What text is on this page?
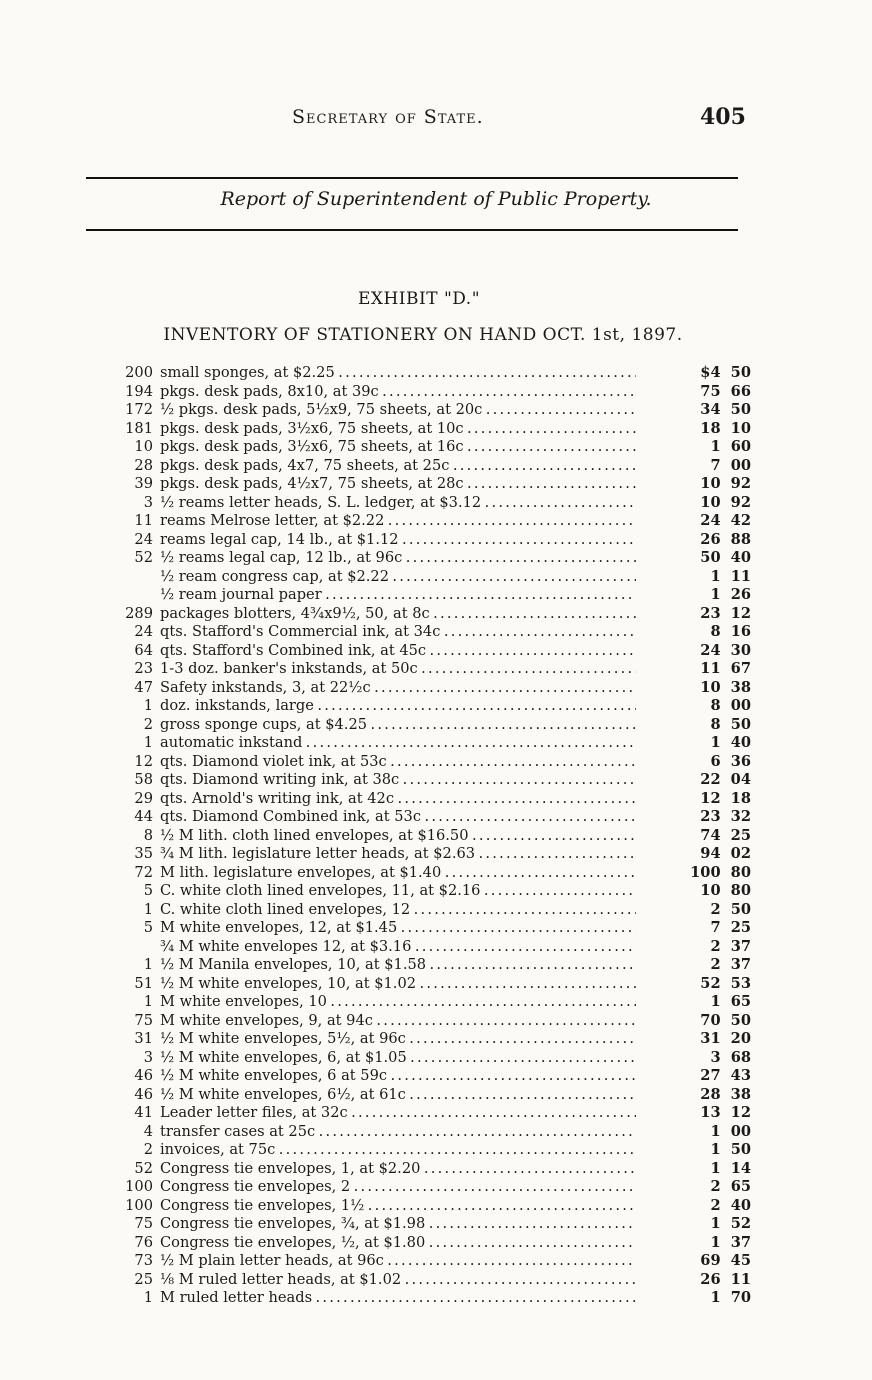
Secretary of State.	405
Report of Superintendent of Public Property.
EXHIBIT "D."
INVENTORY OF STATIONERY ON HAND OCT. 1st, 1897.
200 small sponges, at $2.25 . . .	$4 50
194 pkgs. desk pads, 8x10, at 39c . . .	75 66
172 ½ pkgs. desk pads, 5½x9, 75 sheets, at 20c . . .	34 50
181 pkgs. desk pads, 3½x6, 75 sheets, at 10c . . .	18 10
10 pkgs. desk pads, 3½x6, 75 sheets, at 16c . . .	1 60
28 pkgs. desk pads, 4x7, 75 sheets, at 25c . . .	7 00
39 pkgs. desk pads, 4½x7, 75 sheets, at 28c . . .	10 92
3 ½ reams letter heads, S. L. ledger, at $3.12 . . .	10 92
11 reams Melrose letter, at $2.22 . . .	24 42
24 reams legal cap, 14 lb., at $1.12 . . .	26 88
52 ½ reams legal cap, 12 lb., at 96c . . .	50 40
½ ream congress cap, at $2.22 . . .	1 11
½ ream journal paper . . .	1 26
289 packages blotters, 4¾x9½, 50, at 8c . . .	23 12
24 qts. Stafford's Commercial ink, at 34c . . .	8 16
64 qts. Stafford's Combined ink, at 45c . . .	24 30
23 1-3 doz. banker's inkstands, at 50c . . .	11 67
47 Safety inkstands, 3, at 22½c . . .	10 38
1 doz. inkstands, large . . .	8 00
2 gross sponge cups, at $4.25 . . .	8 50
1 automatic inkstand . . .	1 40
12 qts. Diamond violet ink, at 53c . . .	6 36
58 qts. Diamond writing ink, at 38c . . .	22 04
29 qts. Arnold's writing ink, at 42c . . .	12 18
44 qts. Diamond Combined ink, at 53c . . .	23 32
8 ½ M lith. cloth lined envelopes, at $16.50 . . .	74 25
35 ¾ M lith. legislature letter heads, at $2.63 . . .	94 02
72 M lith. legislature envelopes, at $1.40 . . .	100 80
5 C. white cloth lined envelopes, 11, at $2.16 . . .	10 80
1 C. white cloth lined envelopes, 12 . . .	2 50
5 M white envelopes, 12, at $1.45 . . .	7 25
¾ M white envelopes 12, at $3.16 . . .	2 37
1 ½ M Manila envelopes, 10, at $1.58 . . .	2 37
51 ½ M white envelopes, 10, at $1.02 . . .	52 53
1 M white envelopes, 10 . . .	1 65
75 M white envelopes, 9, at 94c . . .	70 50
31 ½ M white envelopes, 5½, at 96c . . .	31 20
3 ½ M white envelopes, 6, at $1.05 . . .	3 68
46 ½ M white envelopes, 6 at 59c . . .	27 43
46 ½ M white envelopes, 6½, at 61c . . .	28 38
41 Leader letter files, at 32c . . .	13 12
4 transfer cases at 25c . . .	1 00
2 invoices, at 75c . . .	1 50
52 Congress tie envelopes, 1, at $2.20 . . .	1 14
100 Congress tie envelopes, 2 . . .	2 65
100 Congress tie envelopes, 1½ . . .	2 40
75 Congress tie envelopes, ¾, at $1.98 . . .	1 52
76 Congress tie envelopes, ½, at $1.80 . . .	1 37
73 ½ M plain letter heads, at 96c . . .	69 45
25 ⅛ M ruled letter heads, at $1.02 . . .	26 11
1 M ruled letter heads . . .	1 70
